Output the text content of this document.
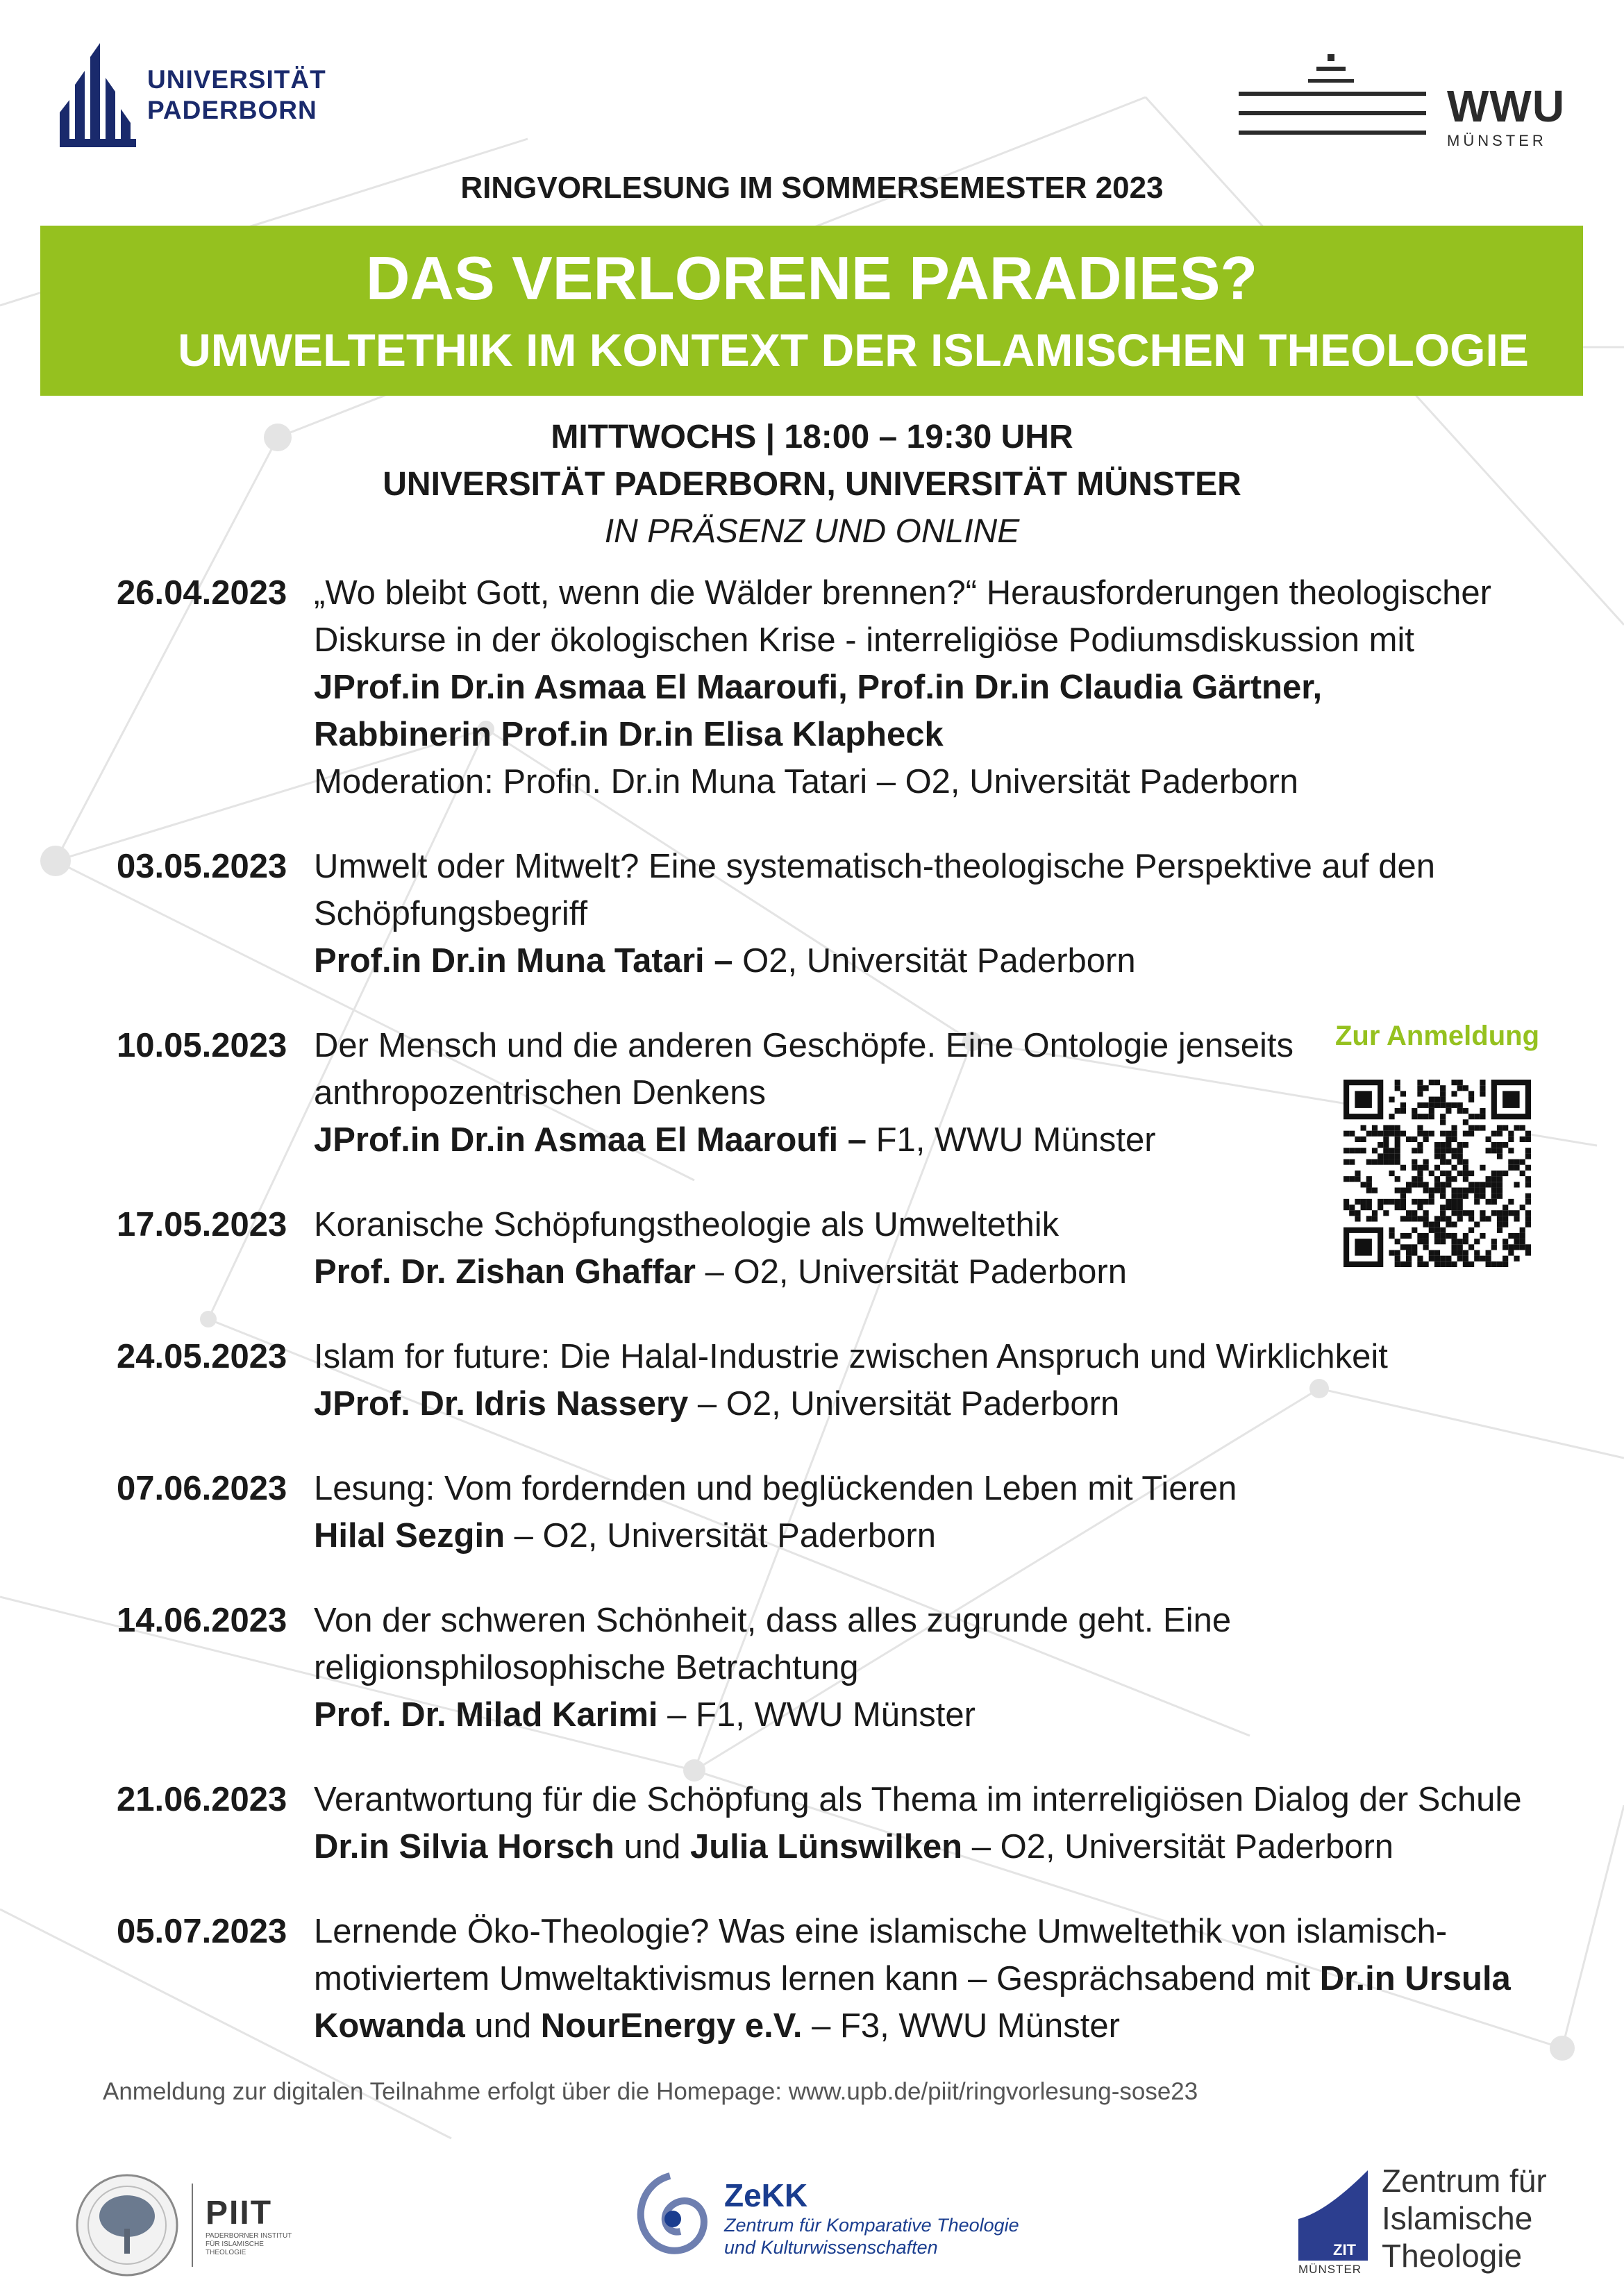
UNIVERSITÄT
PADERBORN	WWU
MÜNSTER
RINGVORLESUNG IM SOMMERSEMESTER 2023
DAS VERLORENE PARADIES?
UMWELTETHIK IM KONTEXT DER ISLAMISCHEN THEOLOGIE
MITTWOCHS | 18:00 – 19:30 UHR
UNIVERSITÄT PADERBORN, UNIVERSITÄT MÜNSTER
IN PRÄSENZ UND ONLINE
26.04.2023 „Wo bleibt Gott, wenn die Wälder brennen?“ Herausforderungen theologischer
Diskurse in der ökologischen Krise - interreligiöse Podiumsdiskussion mit
JProf.in Dr.in Asmaa El Maaroufi, Prof.in Dr.in Claudia Gärtner,
Rabbinerin Prof.in Dr.in Elisa Klapheck
Moderation: Profin. Dr.in Muna Tatari – O2, Universität Paderborn
03.05.2023 Umwelt oder Mitwelt? Eine systematisch-theologische Perspektive auf den
Schöpfungsbegriff
Prof.in Dr.in Muna Tatari – O2, Universität Paderborn
10.05.2023 Der Mensch und die anderen Geschöpfe. Eine Ontologie jenseits
anthropozentrischen Denkens
JProf.in Dr.in Asmaa El Maaroufi – F1, WWU Münster
17.05.2023 Koranische Schöpfungstheologie als Umweltethik
Prof. Dr. Zishan Ghaffar – O2, Universität Paderborn
24.05.2023 Islam for future: Die Halal-Industrie zwischen Anspruch und Wirklichkeit
JProf. Dr. Idris Nassery – O2, Universität Paderborn
07.06.2023 Lesung: Vom fordernden und beglückenden Leben mit Tieren
Hilal Sezgin – O2, Universität Paderborn
14.06.2023 Von der schweren Schönheit, dass alles zugrunde geht. Eine
religionsphilosophische Betrachtung
Prof. Dr. Milad Karimi – F1, WWU Münster
21.06.2023 Verantwortung für die Schöpfung als Thema im interreligiösen Dialog der Schule
Dr.in Silvia Horsch und Julia Lünswilken – O2, Universität Paderborn
05.07.2023 Lernende Öko-Theologie? Was eine islamische Umweltethik von islamisch-
motiviertem Umweltaktivismus lernen kann – Gesprächsabend mit Dr.in Ursula
Kowanda und NourEnergy e.V. – F3, WWU Münster
Zur Anmeldung
Anmeldung zur digitalen Teilnahme erfolgt über die Homepage: www.upb.de/piit/ringvorlesung-sose23
PIIT
PADERBORNER INSTITUT FÜR ISLAMISCHE THEOLOGIE
ZeKK
Zentrum für Komparative Theologie
und Kulturwissenschaften	ZIT
MÜNSTER
Zentrum für
Islamische
Theologie
